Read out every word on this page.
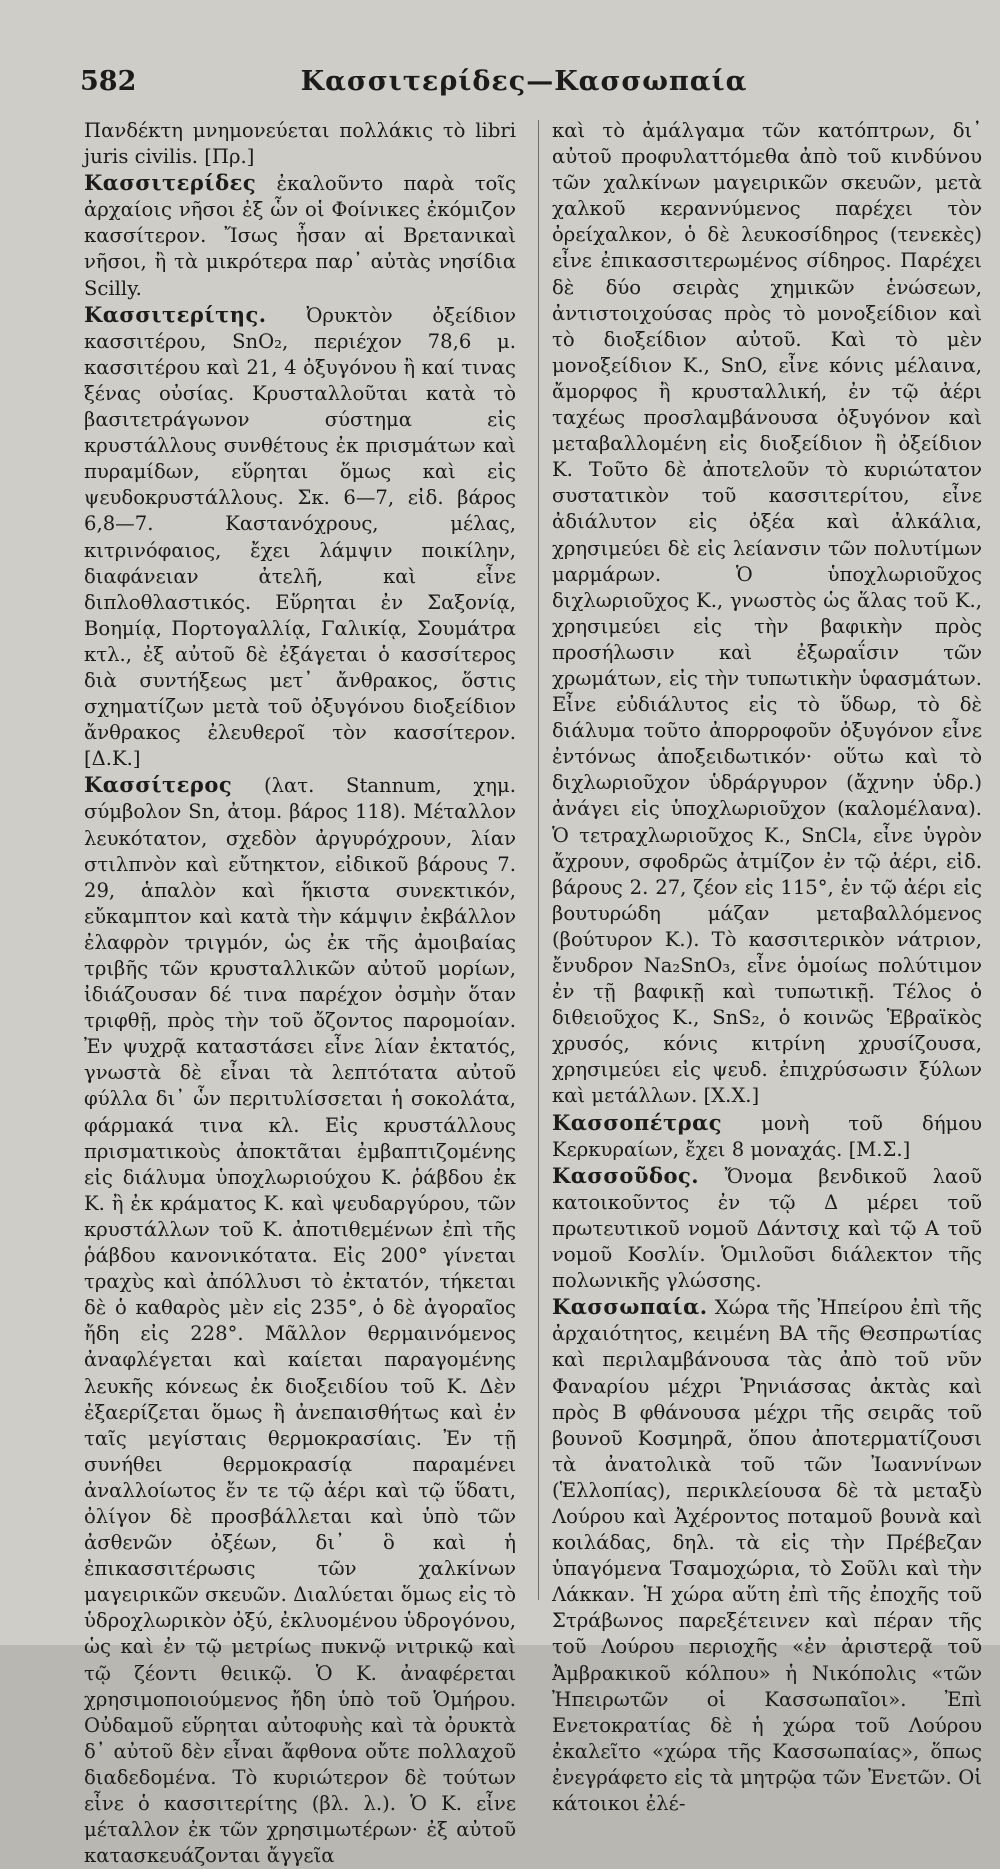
582	Κασσιτερίδες—Κασσωπαία

Πανδέκτη μνημονεύεται πολλάκις τὸ libri juris civilis. [Πρ.]

Κασσιτερίδες ἐκαλοῦντο παρὰ τοῖς ἀρχαίοις νῆσοι ἐξ ὧν οἱ Φοίνικες ἐκόμιζον κασσίτερον. Ἴσως ἦσαν αἱ Βρετανικαὶ νῆσοι, ἢ τὰ μικρότερα παρ᾽ αὐτὰς νησίδια Scilly.

Κασσιτερίτης. Ὀρυκτὸν ὀξείδιον κασσιτέρου, SnO₂, περιέχον 78,6 μ. κασσιτέρου καὶ 21, 4 ὀξυγόνου ἢ καί τινας ξένας οὐσίας. Κρυσταλλοῦται κατὰ τὸ βασιτετράγωνον σύστημα εἰς κρυστάλλους συνθέτους ἐκ πρισμάτων καὶ πυραμίδων, εὕρηται ὅμως καὶ εἰς ψευδοκρυστάλλους. Σκ. 6—7, εἰδ. βάρος 6,8—7. Καστανόχρους, μέλας, κιτρινόφαιος, ἔχει λάμψιν ποικίλην, διαφάνειαν ἀτελῆ, καὶ εἶνε διπλοθλαστικός. Εὕρηται ἐν Σαξονίᾳ, Βοημίᾳ, Πορτογαλλίᾳ, Γαλικίᾳ, Σουμάτρα κτλ., ἐξ αὐτοῦ δὲ ἐξάγεται ὁ κασσίτερος διὰ συντήξεως μετ᾽ ἄνθρακος, ὅστις σχηματίζων μετὰ τοῦ ὀξυγόνου διοξείδιον ἄνθρακος ἐλευθεροῖ τὸν κασσίτερον. [Δ.Κ.]

Κασσίτερος (λατ. Stannum, χημ. σύμβολον Sn, ἀτομ. βάρος 118). Μέταλλον λευκότατον, σχεδὸν ἀργυρόχρουν, λίαν στιλπνὸν καὶ εὔτηκτον, εἰδικοῦ βάρους 7. 29, ἁπαλὸν καὶ ἥκιστα συνεκτικόν, εὔκαμπτον καὶ κατὰ τὴν κάμψιν ἐκβάλλον ἐλαφρὸν τριγμόν, ὡς ἐκ τῆς ἀμοιβαίας τριβῆς τῶν κρυσταλλικῶν αὐτοῦ μορίων, ἰδιάζουσαν δέ τινα παρέχον ὀσμὴν ὅταν τριφθῇ, πρὸς τὴν τοῦ ὄζοντος παρομοίαν. Ἐν ψυχρᾷ καταστάσει εἶνε λίαν ἐκτατός, γνωστὰ δὲ εἶναι τὰ λεπτότατα αὐτοῦ φύλλα δι᾽ ὧν περιτυλίσσεται ἡ σοκολάτα, φάρμακά τινα κλ. Εἰς κρυστάλλους πρισματικοὺς ἀποκτᾶται ἐμβαπτιζομένης εἰς διάλυμα ὑποχλωριούχου Κ. ῥάβδου ἐκ Κ. ἢ ἐκ κράματος Κ. καὶ ψευδαργύρου, τῶν κρυστάλλων τοῦ Κ. ἀποτιθεμένων ἐπὶ τῆς ῥάβδου κανονικότατα. Εἰς 200° γίνεται τραχὺς καὶ ἀπόλλυσι τὸ ἐκτατόν, τήκεται δὲ ὁ καθαρὸς μὲν εἰς 235°, ὁ δὲ ἀγοραῖος ἤδη εἰς 228°. Μᾶλλον θερμαινόμενος ἀναφλέγεται καὶ καίεται παραγομένης λευκῆς κόνεως ἐκ διοξειδίου τοῦ Κ. Δὲν ἐξαερίζεται ὅμως ἢ ἀνεπαισθήτως καὶ ἐν ταῖς μεγίσταις θερμοκρασίαις. Ἐν τῇ συνήθει θερμοκρασίᾳ παραμένει ἀναλλοίωτος ἔν τε τῷ ἀέρι καὶ τῷ ὕδατι, ὀλίγον δὲ προσβάλλεται καὶ ὑπὸ τῶν ἀσθενῶν ὀξέων, δι᾽ ὃ καὶ ἡ ἐπικασσιτέρωσις τῶν χαλκίνων μαγειρικῶν σκευῶν. Διαλύεται ὅμως εἰς τὸ ὑδροχλωρικὸν ὀξύ, ἐκλυομένου ὑδρογόνου, ὡς καὶ ἐν τῷ μετρίως πυκνῷ νιτρικῷ καὶ τῷ ζέοντι θειικῷ. Ὁ Κ. ἀναφέρεται χρησιμοποιούμενος ἤδη ὑπὸ τοῦ Ὁμήρου. Οὐδαμοῦ εὕρηται αὐτοφυὴς καὶ τὰ ὀρυκτὰ δ᾽ αὐτοῦ δὲν εἶναι ἄφθονα οὔτε πολλαχοῦ διαδεδομένα. Τὸ κυριώτερον δὲ τούτων εἶνε ὁ κασσιτερίτης (βλ. λ.). Ὁ Κ. εἶνε μέταλλον ἐκ τῶν χρησιμωτέρων· ἐξ αὐτοῦ κατασκευάζονται ἄγγεῖα

καὶ τὸ ἀμάλγαμα τῶν κατόπτρων, δι᾽ αὐτοῦ προφυλαττόμεθα ἀπὸ τοῦ κινδύνου τῶν χαλκίνων μαγειρικῶν σκευῶν, μετὰ χαλκοῦ κεραννύμενος παρέχει τὸν ὀρείχαλκον, ὁ δὲ λευκοσίδηρος (τενεκὲς) εἶνε ἐπικασσιτερωμένος σίδηρος. Παρέχει δὲ δύο σειρὰς χημικῶν ἑνώσεων, ἀντιστοιχούσας πρὸς τὸ μονοξείδιον καὶ τὸ διοξείδιον αὐτοῦ. Καὶ τὸ μὲν μονοξείδιον Κ., SnO, εἶνε κόνις μέλαινα, ἄμορφος ἢ κρυσταλλική, ἐν τῷ ἀέρι ταχέως προσλαμβάνουσα ὀξυγόνον καὶ μεταβαλλομένη εἰς διοξείδιον ἢ ὀξείδιον Κ. Τοῦτο δὲ ἀποτελοῦν τὸ κυριώτατον συστατικὸν τοῦ κασσιτερίτου, εἶνε ἀδιάλυτον εἰς ὀξέα καὶ ἀλκάλια, χρησιμεύει δὲ εἰς λείανσιν τῶν πολυτίμων μαρμάρων. Ὁ ὑποχλωριοῦχος διχλωριοῦχος Κ., γνωστὸς ὡς ἅλας τοῦ Κ., χρησιμεύει εἰς τὴν βαφικὴν πρὸς προσήλωσιν καὶ ἐξωραΐσιν τῶν χρωμάτων, εἰς τὴν τυπωτικὴν ὑφασμάτων. Εἶνε εὐδιάλυτος εἰς τὸ ὕδωρ, τὸ δὲ διάλυμα τοῦτο ἀπορροφοῦν ὀξυγόνον εἶνε ἐντόνως ἀποξειδωτικόν· οὕτω καὶ τὸ διχλωριοῦχον ὑδράργυρον (ἄχνην ὑδρ.) ἀνάγει εἰς ὑποχλωριοῦχον (καλομέλανα). Ὁ τετραχλωριοῦχος Κ., SnCl₄, εἶνε ὑγρὸν ἄχρουν, σφοδρῶς ἀτμίζον ἐν τῷ ἀέρι, εἰδ. βάρους 2. 27, ζέον εἰς 115°, ἐν τῷ ἀέρι εἰς βουτυρώδη μάζαν μεταβαλλόμενος (βούτυρον Κ.). Τὸ κασσιτερικὸν νάτριον, ἔνυδρον Na₂SnO₃, εἶνε ὁμοίως πολύτιμον ἐν τῇ βαφικῇ καὶ τυπωτικῇ. Τέλος ὁ διθειοῦχος Κ., SnS₂, ὁ κοινῶς Ἑβραϊκὸς χρυσός, κόνις κιτρίνη χρυσίζουσα, χρησιμεύει εἰς ψευδ. ἐπιχρύσωσιν ξύλων καὶ μετάλλων. [Χ.Χ.]

Κασσοπέτρας μονὴ τοῦ δήμου Κερκυραίων, ἔχει 8 μοναχάς. [Μ.Σ.]

Κασσοῦδος. Ὄνομα βενδικοῦ λαοῦ κατοικοῦντος ἐν τῷ Δ μέρει τοῦ πρωτευτικοῦ νομοῦ Δάντσιχ καὶ τῷ Α τοῦ νομοῦ Κοσλίν. Ὁμιλοῦσι διάλεκτον τῆς πολωνικῆς γλώσσης.

Κασσωπαία. Χώρα τῆς Ἠπείρου ἐπὶ τῆς ἀρχαιότητος, κειμένη ΒΑ τῆς Θεσπρωτίας καὶ περιλαμβάνουσα τὰς ἀπὸ τοῦ νῦν Φαναρίου μέχρι Ῥηνιάσσας ἀκτὰς καὶ πρὸς Β φθάνουσα μέχρι τῆς σειρᾶς τοῦ βουνοῦ Κοσμηρᾶ, ὅπου ἀποτερματίζουσι τὰ ἀνατολικὰ τοῦ τῶν Ἰωαννίνων (Ἑλλοπίας), περικλείουσα δὲ τὰ μεταξὺ Λούρου καὶ Ἀχέροντος ποταμοῦ βουνὰ καὶ κοιλάδας, δηλ. τὰ εἰς τὴν Πρέβεζαν ὑπαγόμενα Τσαμοχώρια, τὸ Σοῦλι καὶ τὴν Λάκκαν. Ἡ χώρα αὕτη ἐπὶ τῆς ἐποχῆς τοῦ Στράβωνος παρεξέτεινεν καὶ πέραν τῆς τοῦ Λούρου περιοχῆς «ἐν ἀριστερᾷ τοῦ Ἀμβρακικοῦ κόλπου» ἡ Νικόπολις «τῶν Ἠπειρωτῶν οἱ Κασσωπαῖοι». Ἐπὶ Ενετοκρατίας δὲ ἡ χώρα τοῦ Λούρου ἐκαλεῖτο «χώρα τῆς Κασσωπαίας», ὅπως ἐνεγράφετο εἰς τὰ μητρῷα τῶν Ἐνετῶν. Οἱ κάτοικοι ἐλέ-
